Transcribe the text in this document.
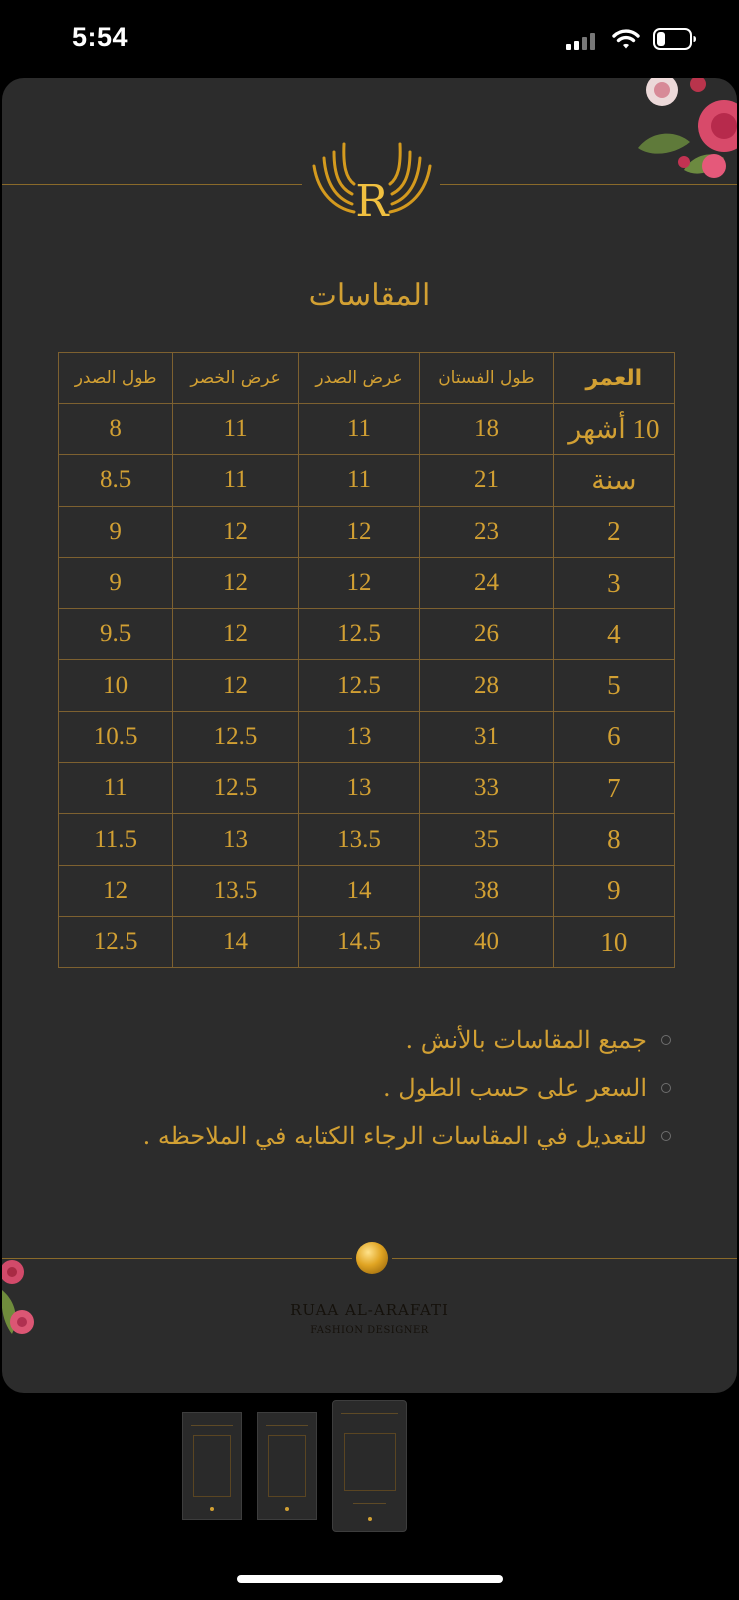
5:54
R
المقاسات
العمر	طول الفستان	عرض الصدر	عرض الخصر	طول الصدر
10 أشهر	18	11	11	8
سنة	21	11	11	8.5
2	23	12	12	9
3	24	12	12	9
4	26	12.5	12	9.5
5	28	12.5	12	10
6	31	13	12.5	10.5
7	33	13	12.5	11
8	35	13.5	13	11.5
9	38	14	13.5	12
10	40	14.5	14	12.5
جميع المقاسات بالأنش .
السعر على حسب الطول .
للتعديل في المقاسات الرجاء الكتابه في الملاحظه .
RUAA AL-ARAFATI
FASHION DESIGNER
